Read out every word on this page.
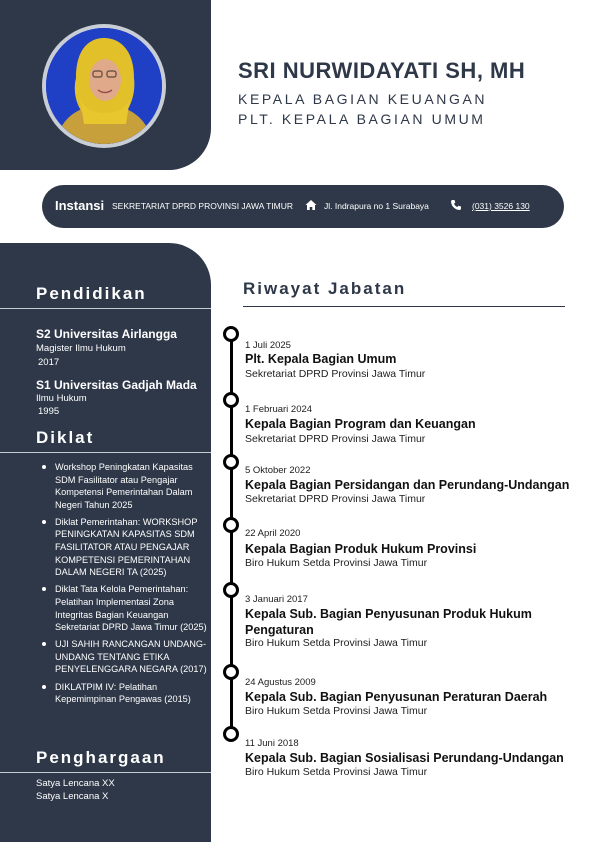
SRI NURWIDAYATI SH, MH
KEPALA BAGIAN KEUANGAN
PLT. KEPALA BAGIAN UMUM
Instansi SEKRETARIAT DPRD PROVINSI JAWA TIMUR	Jl. Indrapura no 1 Surabaya	(031) 3526 130
Pendidikan
S2 Universitas Airlangga
Magister Ilmu Hukum
2017
S1 Universitas Gadjah Mada
Ilmu Hukum
1995
Diklat
Workshop Peningkatan Kapasitas SDM Fasilitator atau Pengajar Kompetensi Pemerintahan Dalam Negeri Tahun 2025
Diklat Pemerintahan: WORKSHOP PENINGKATAN KAPASITAS SDM FASILITATOR ATAU PENGAJAR KOMPETENSI PEMERINTAHAN DALAM NEGERI TA (2025)
Diklat Tata Kelola Pemerintahan: Pelatihan Implementasi Zona Integritas Bagian Keuangan Sekretariat DPRD Jawa Timur (2025)
UJI SAHIH RANCANGAN UNDANG-UNDANG TENTANG ETIKA PENYELENGGARA NEGARA (2017)
DIKLATPIM IV: Pelatihan Kepemimpinan Pengawas (2015)
Penghargaan
Satya Lencana XX
Satya Lencana X
Riwayat Jabatan
1 Juli 2025
Plt. Kepala Bagian Umum
Sekretariat DPRD Provinsi Jawa Timur
1 Februari 2024
Kepala Bagian Program dan Keuangan
Sekretariat DPRD Provinsi Jawa Timur
5 Oktober 2022
Kepala Bagian Persidangan dan Perundang-Undangan
Sekretariat DPRD Provinsi Jawa Timur
22 April 2020
Kepala Bagian Produk Hukum Provinsi
Biro Hukum Setda Provinsi Jawa Timur
3 Januari 2017
Kepala Sub. Bagian Penyusunan Produk Hukum Pengaturan
Biro Hukum Setda Provinsi Jawa Timur
24 Agustus 2009
Kepala Sub. Bagian Penyusunan Peraturan Daerah
Biro Hukum Setda Provinsi Jawa Timur
11 Juni 2018
Kepala Sub. Bagian Sosialisasi Perundang-Undangan
Biro Hukum Setda Provinsi Jawa Timur
